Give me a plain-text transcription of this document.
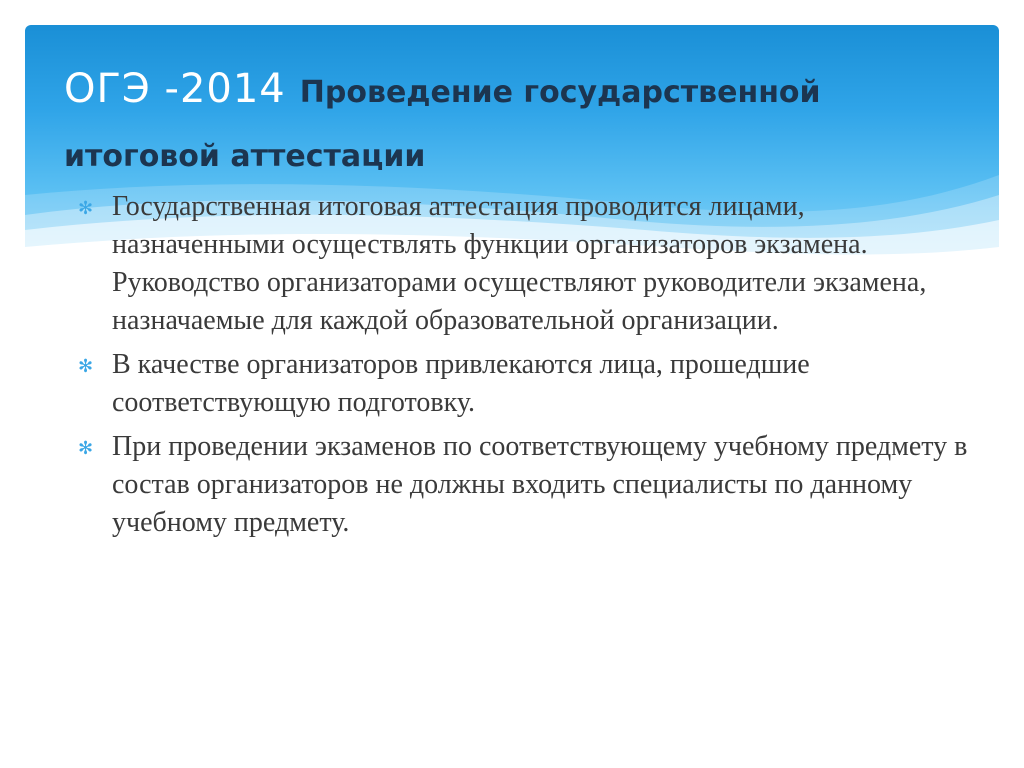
ОГЭ -2014 Проведение государственной итоговой аттестации
✻ Государственная итоговая аттестация проводится лицами, назначенными осуществлять функции организаторов экзамена. Руководство организаторами осуществляют руководители экзамена, назначаемые для каждой образовательной организации.
✻ В качестве организаторов привлекаются лица, прошедшие соответствующую подготовку.
✻ При проведении экзаменов по соответствующему учебному предмету в состав организаторов не должны входить специалисты по данному учебному предмету.
